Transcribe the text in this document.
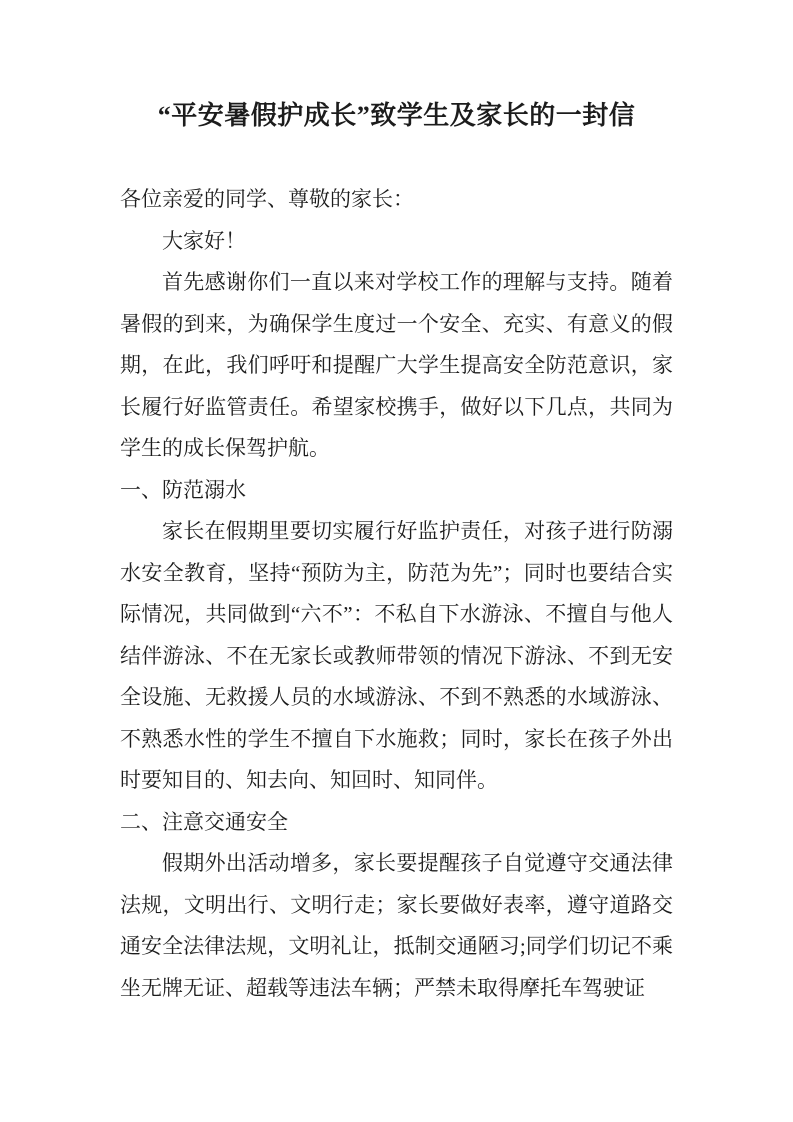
“平安暑假护成长”致学生及家长的一封信

各位亲爱的同学、尊敬的家长：

大家好！

首先感谢你们一直以来对学校工作的理解与支持。随着暑假的到来，为确保学生度过一个安全、充实、有意义的假期，在此，我们呼吁和提醒广大学生提高安全防范意识，家长履行好监管责任。希望家校携手，做好以下几点，共同为学生的成长保驾护航。

一、防范溺水

家长在假期里要切实履行好监护责任，对孩子进行防溺水安全教育，坚持“预防为主，防范为先”；同时也要结合实际情况，共同做到“六不”：不私自下水游泳、不擅自与他人结伴游泳、不在无家长或教师带领的情况下游泳、不到无安全设施、无救援人员的水域游泳、不到不熟悉的水域游泳、不熟悉水性的学生不擅自下水施救；同时，家长在孩子外出时要知目的、知去向、知回时、知同伴。

二、注意交通安全

假期外出活动增多，家长要提醒孩子自觉遵守交通法律法规，文明出行、文明行走；家长要做好表率，遵守道路交通安全法律法规，文明礼让，抵制交通陋习;同学们切记不乘坐无牌无证、超载等违法车辆；严禁未取得摩托车驾驶证
